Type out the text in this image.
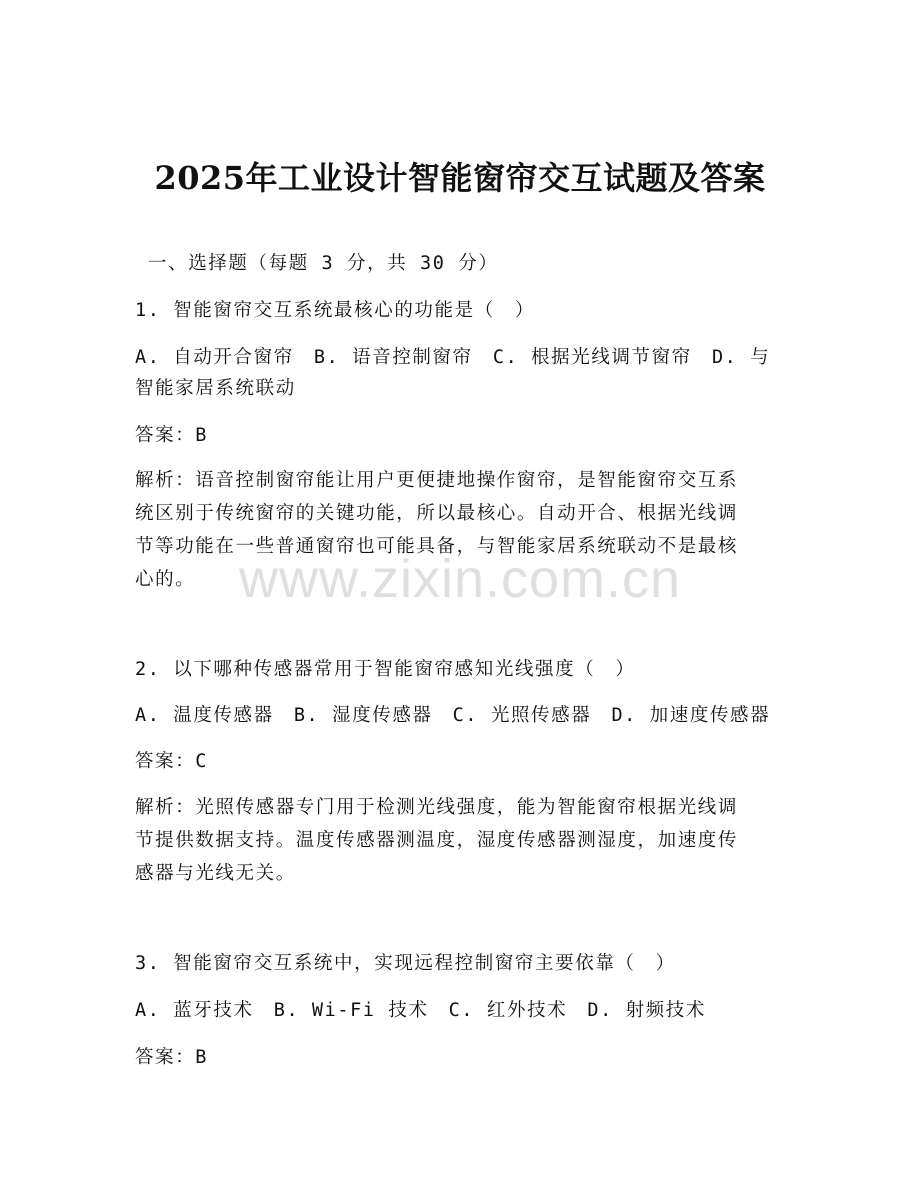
2025年工业设计智能窗帘交互试题及答案
一、选择题（每题 3 分，共 30 分）
1. 智能窗帘交互系统最核心的功能是（　）
A. 自动开合窗帘　B. 语音控制窗帘　C. 根据光线调节窗帘　D. 与
智能家居系统联动
答案：B
解析：语音控制窗帘能让用户更便捷地操作窗帘，是智能窗帘交互系
统区别于传统窗帘的关键功能，所以最核心。自动开合、根据光线调
节等功能在一些普通窗帘也可能具备，与智能家居系统联动不是最核
心的。
2. 以下哪种传感器常用于智能窗帘感知光线强度（　）
A. 温度传感器　B. 湿度传感器　C. 光照传感器　D. 加速度传感器
答案：C
解析：光照传感器专门用于检测光线强度，能为智能窗帘根据光线调
节提供数据支持。温度传感器测温度，湿度传感器测湿度，加速度传
感器与光线无关。
3. 智能窗帘交互系统中，实现远程控制窗帘主要依靠（　）
A. 蓝牙技术　B. Wi-Fi 技术　C. 红外技术　D. 射频技术
答案：B
www.zixin.com.cn
